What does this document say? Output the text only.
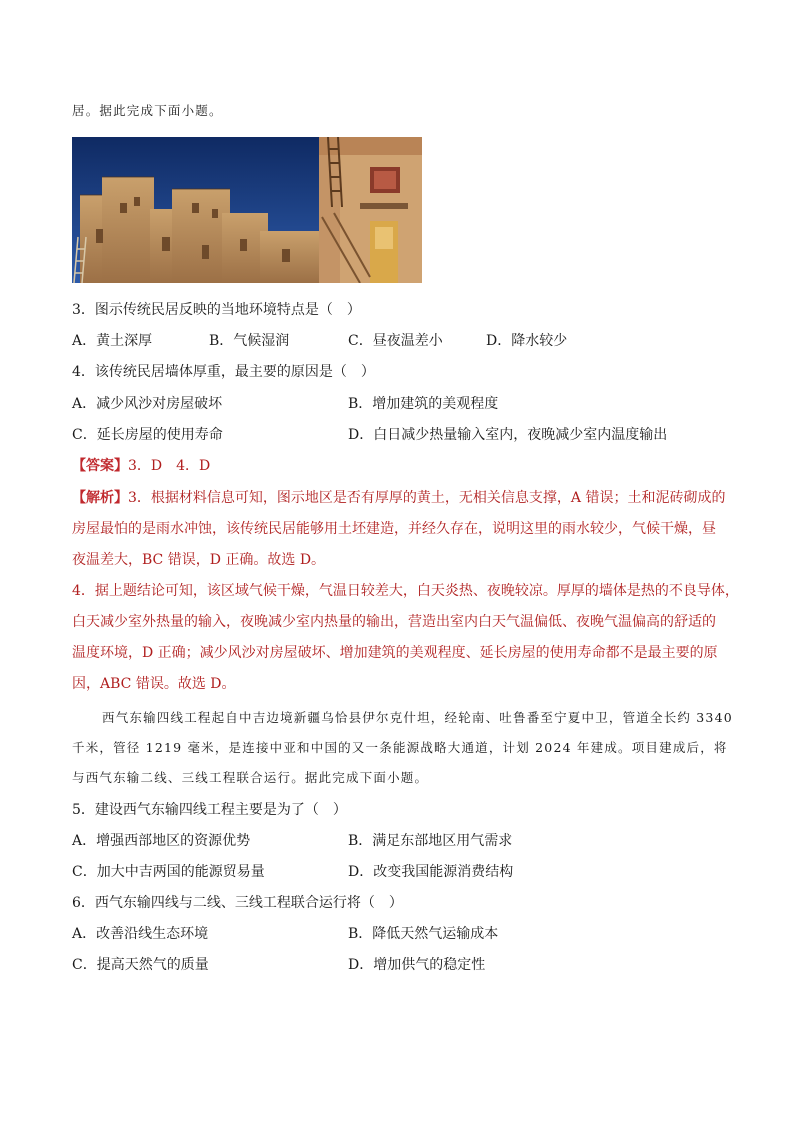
居。据此完成下面小题。
3．图示传统民居反映的当地环境特点是（　）
A．黄土深厚	B．气候湿润	C．昼夜温差小	D．降水较少
4．该传统民居墙体厚重，最主要的原因是（　）
A．减少风沙对房屋破坏	B．增加建筑的美观程度
C．延长房屋的使用寿命	D．白日减少热量输入室内，夜晚减少室内温度输出
【答案】3．D　4．D
【解析】3．根据材料信息可知，图示地区是否有厚厚的黄土，无相关信息支撑，A 错误；土和泥砖砌成的
房屋最怕的是雨水冲蚀，该传统民居能够用土坯建造，并经久存在，说明这里的雨水较少，气候干燥，昼
夜温差大，BC 错误，D 正确。故选 D。
4．据上题结论可知，该区域气候干燥，气温日较差大，白天炎热、夜晚较凉。厚厚的墙体是热的不良导体，
白天减少室外热量的输入，夜晚减少室内热量的输出，营造出室内白天气温偏低、夜晚气温偏高的舒适的
温度环境，D 正确；减少风沙对房屋破坏、增加建筑的美观程度、延长房屋的使用寿命都不是最主要的原
因，ABC 错误。故选 D。
西气东输四线工程起自中吉边境新疆乌恰县伊尔克什坦，经轮南、吐鲁番至宁夏中卫，管道全长约 3340
千米，管径 1219 毫米，是连接中亚和中国的又一条能源战略大通道，计划 2024 年建成。项目建成后，将
与西气东输二线、三线工程联合运行。据此完成下面小题。
5．建设西气东输四线工程主要是为了（　）
A．增强西部地区的资源优势	B．满足东部地区用气需求
C．加大中吉两国的能源贸易量	D．改变我国能源消费结构
6．西气东输四线与二线、三线工程联合运行将（　）
A．改善沿线生态环境	B．降低天然气运输成本
C．提高天然气的质量	D．增加供气的稳定性
